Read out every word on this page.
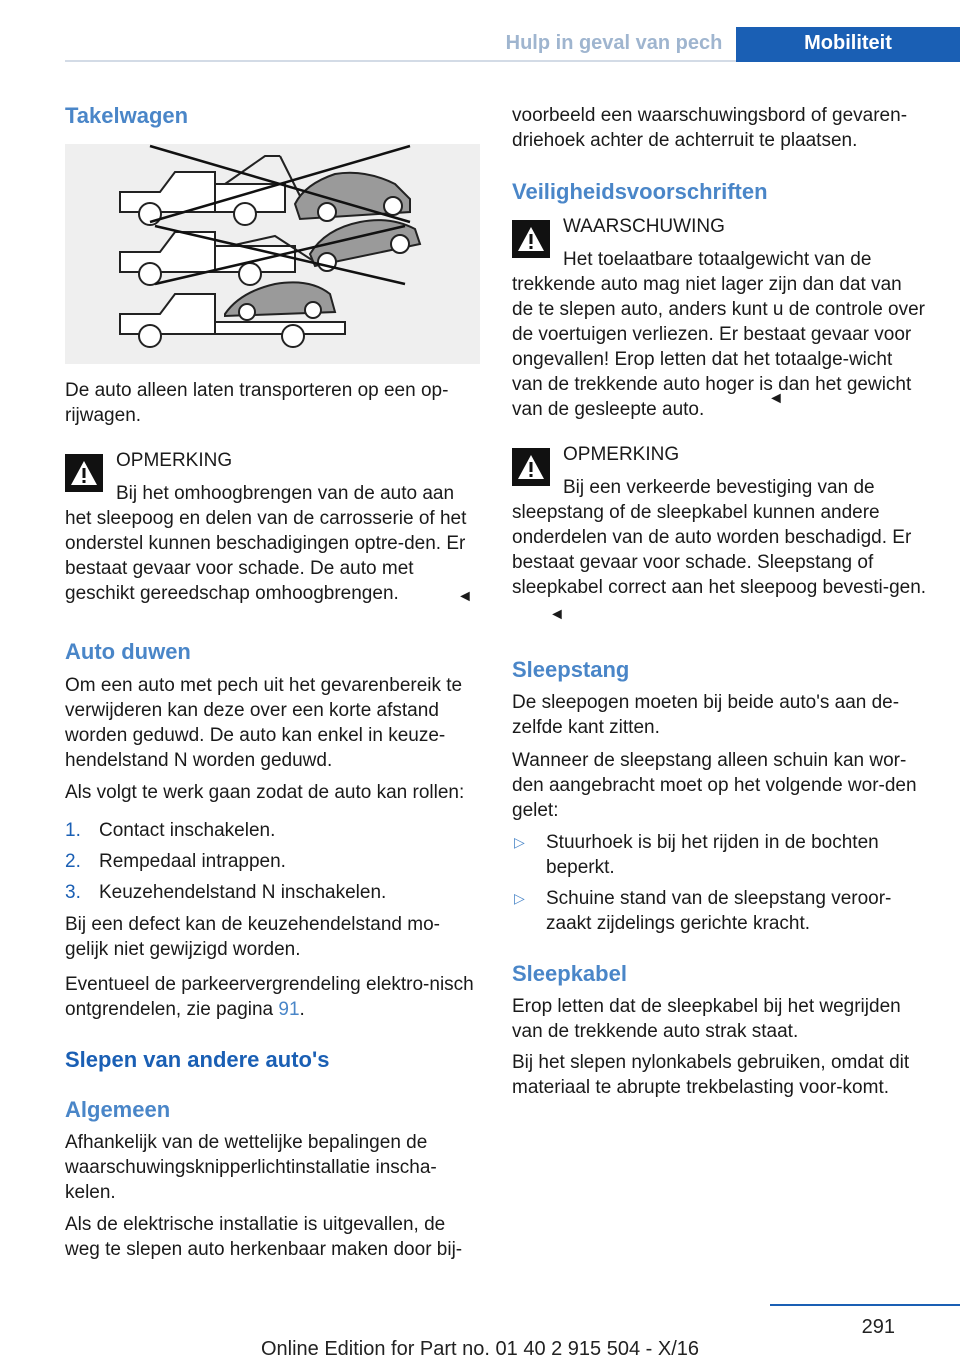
Hulp in geval van pech	Mobiliteit
Takelwagen

De auto alleen laten transporteren op een op-rijwagen.

OPMERKING

Bij het omhoogbrengen van de auto aan het sleepoog en delen van de carrosserie of het onderstel kunnen beschadigingen optre-den. Er bestaat gevaar voor schade. De auto met geschikt gereedschap omhoogbrengen.	◄
Auto duwen

Om een auto met pech uit het gevarenbereik te verwijderen kan deze over een korte afstand worden geduwd. De auto kan enkel in keuze-hendelstand N worden geduwd.

Als volgt te werk gaan zodat de auto kan rollen:

1. Contact inschakelen.
2. Rempedaal intrappen.
3. Keuzehendelstand N inschakelen.

Bij een defect kan de keuzehendelstand mo-gelijk niet gewijzigd worden.

Eventueel de parkeervergrendeling elektro-nisch ontgrendelen, zie pagina 91.

Slepen van andere auto's
Algemeen

Afhankelijk van de wettelijke bepalingen de waarschuwingsknipperlichtinstallatie inscha-kelen.

Als de elektrische installatie is uitgevallen, de weg te slepen auto herkenbaar maken door bij-

voorbeeld een waarschuwingsbord of gevaren-driehoek achter de achterruit te plaatsen.

Veiligheidsvoorschriften
WAARSCHUWING

Het toelaatbare totaalgewicht van de trekkende auto mag niet lager zijn dan dat van de te slepen auto, anders kunt u de controle over de voertuigen verliezen. Er bestaat gevaar voor ongevallen! Erop letten dat het totaalge-wicht van de trekkende auto hoger is dan het gewicht van de gesleepte auto.

◄
OPMERKING

Bij een verkeerde bevestiging van de sleepstang of de sleepkabel kunnen andere onderdelen van de auto worden beschadigd. Er bestaat gevaar voor schade. Sleepstang of sleepkabel correct aan het sleepoog bevesti-gen.

◄
Sleepstang

De sleepogen moeten bij beide auto's aan de-zelfde kant zitten.

Wanneer de sleepstang alleen schuin kan wor-den aangebracht moet op het volgende wor-den gelet:

▷ Stuurhoek is bij het rijden in de bochten beperkt.
▷ Schuine stand van de sleepstang veroor-zaakt zijdelings gerichte kracht.
Sleepkabel

Erop letten dat de sleepkabel bij het wegrijden van de trekkende auto strak staat.

Bij het slepen nylonkabels gebruiken, omdat dit materiaal te abrupte trekbelasting voor-komt.

291
Online Edition for Part no. 01 40 2 915 504 - X/16
